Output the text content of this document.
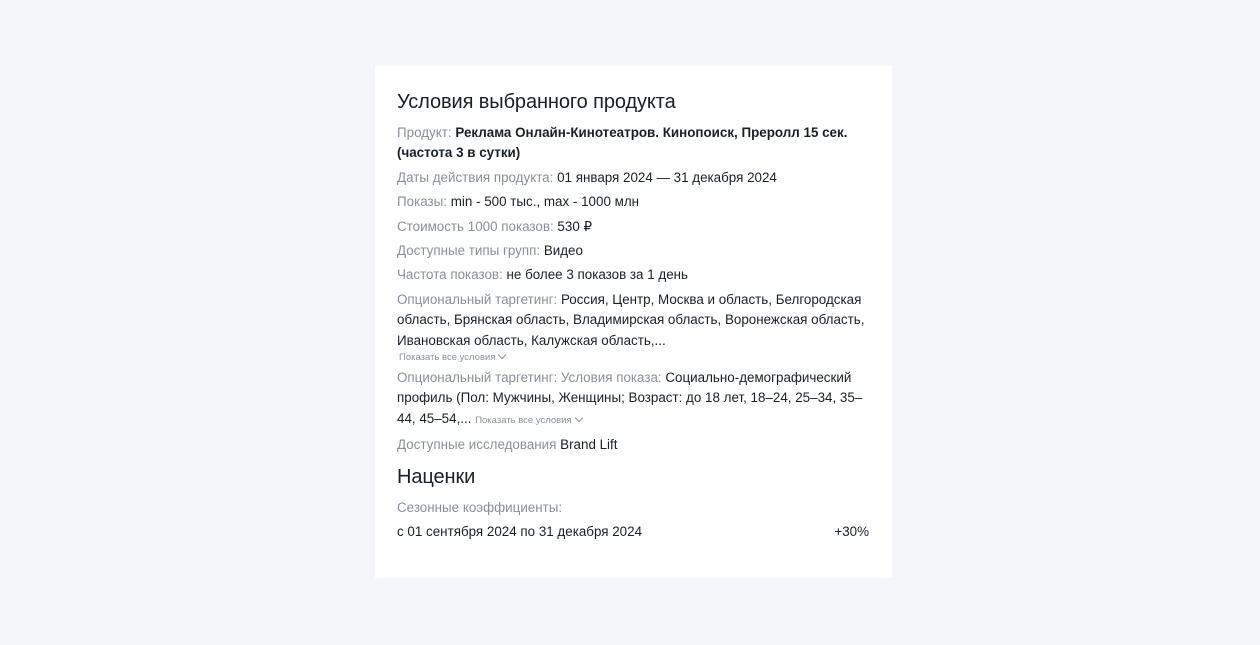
Условия выбранного продукта
Продукт: Реклама Онлайн-Кинотеатров. Кинопоиск, Преролл 15 сек. (частота 3 в сутки)
Даты действия продукта: 01 января 2024 — 31 декабря 2024
Показы: min - 500 тыс., max - 1000 млн
Стоимость 1000 показов: 530 ₽
Доступные типы групп: Видео
Частота показов: не более 3 показов за 1 день
Опциональный таргетинг: Россия, Центр, Москва и область, Белгородская область, Брянская область, Владимирская область, Воронежская область, Ивановская область, Калужская область,...
Показать все условия
Опциональный таргетинг: Условия показа: Социально-демографический профиль (Пол: Мужчины, Женщины; Возраст: до 18 лет, 18–24, 25–34, 35–44, 45–54,... Показать все условия
Доступные исследования Brand Lift
Наценки
Сезонные коэффициенты:
с 01 сентября 2024 по 31 декабря 2024	+30%
